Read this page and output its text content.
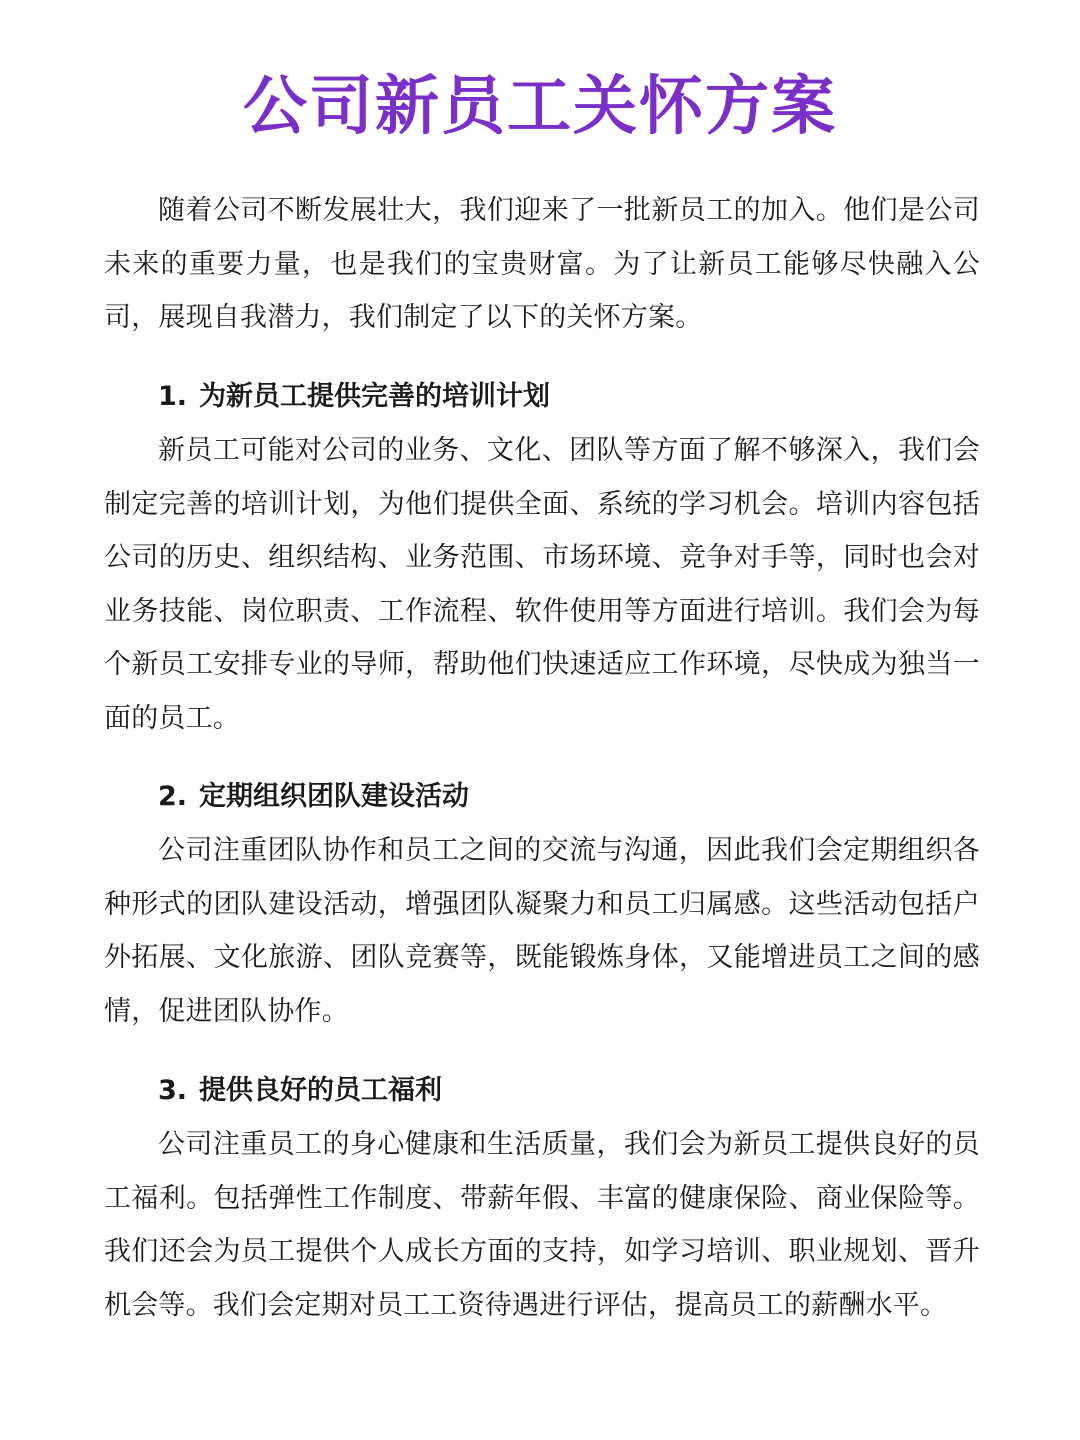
公司新员工关怀方案

随着公司不断发展壮大，我们迎来了一批新员工的加入。他们是公司未来的重要力量，也是我们的宝贵财富。为了让新员工能够尽快融入公司，展现自我潜力，我们制定了以下的关怀方案。

1. 为新员工提供完善的培训计划

新员工可能对公司的业务、文化、团队等方面了解不够深入，我们会制定完善的培训计划，为他们提供全面、系统的学习机会。培训内容包括公司的历史、组织结构、业务范围、市场环境、竞争对手等，同时也会对业务技能、岗位职责、工作流程、软件使用等方面进行培训。我们会为每个新员工安排专业的导师，帮助他们快速适应工作环境，尽快成为独当一面的员工。

2. 定期组织团队建设活动

公司注重团队协作和员工之间的交流与沟通，因此我们会定期组织各种形式的团队建设活动，增强团队凝聚力和员工归属感。这些活动包括户外拓展、文化旅游、团队竞赛等，既能锻炼身体，又能增进员工之间的感情，促进团队协作。

3. 提供良好的员工福利

公司注重员工的身心健康和生活质量，我们会为新员工提供良好的员工福利。包括弹性工作制度、带薪年假、丰富的健康保险、商业保险等。我们还会为员工提供个人成长方面的支持，如学习培训、职业规划、晋升机会等。我们会定期对员工工资待遇进行评估，提高员工的薪酬水平。
